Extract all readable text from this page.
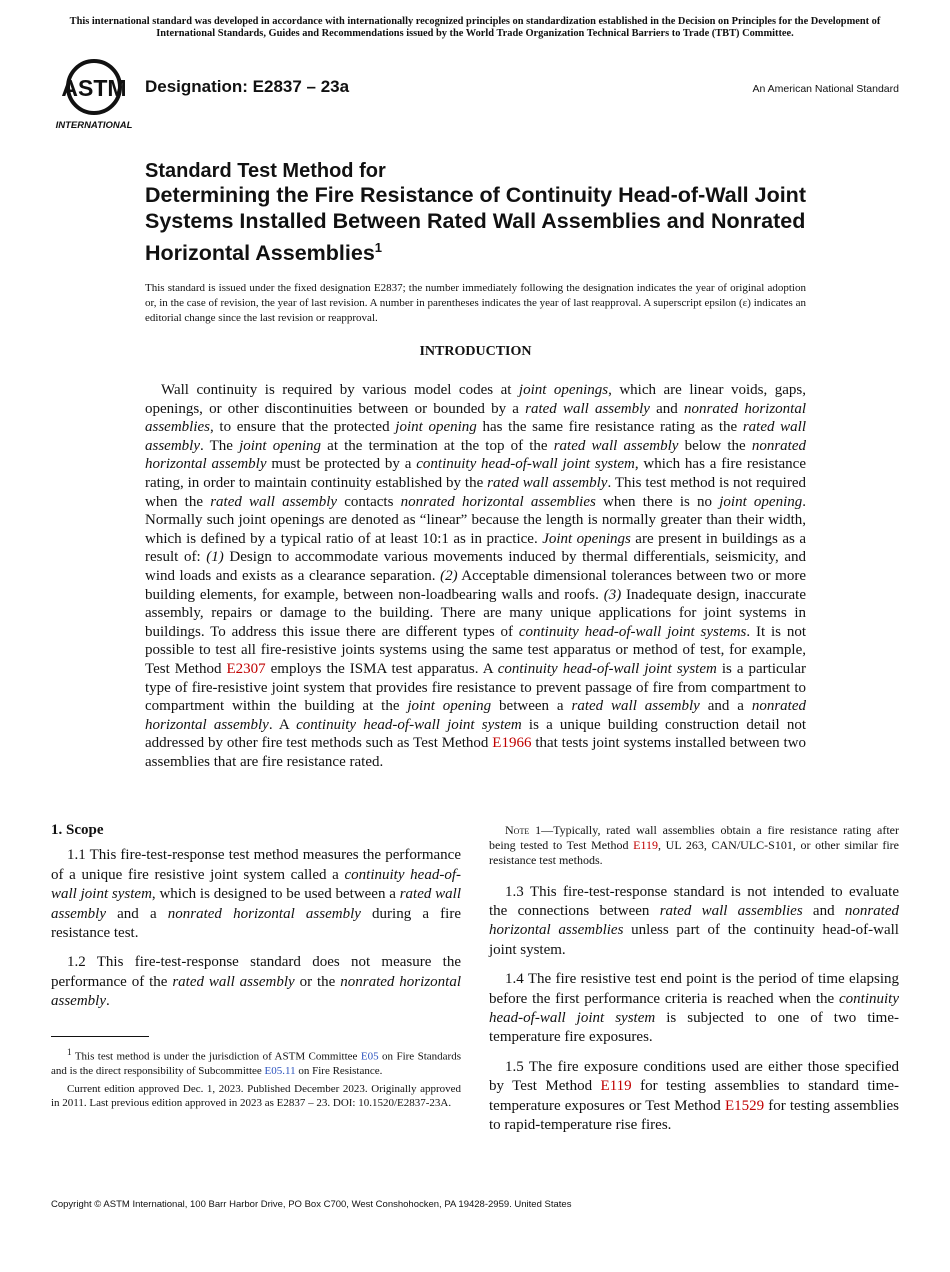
This international standard was developed in accordance with internationally recognized principles on standardization established in the Decision on Principles for the Development of International Standards, Guides and Recommendations issued by the World Trade Organization Technical Barriers to Trade (TBT) Committee.
ASTM
INTERNATIONAL
Designation: E2837 – 23a	An American National Standard
Standard Test Method for
Determining the Fire Resistance of Continuity Head-of-Wall Joint Systems Installed Between Rated Wall Assemblies and Nonrated Horizontal Assemblies$^1$
This standard is issued under the fixed designation E2837; the number immediately following the designation indicates the year of original adoption or, in the case of revision, the year of last revision. A number in parentheses indicates the year of last reapproval. A superscript epsilon (ε) indicates an editorial change since the last revision or reapproval.
INTRODUCTION
Wall continuity is required by various model codes at joint openings, which are linear voids, gaps, openings, or other discontinuities between or bounded by a rated wall assembly and nonrated horizontal assemblies, to ensure that the protected joint opening has the same fire resistance rating as the rated wall assembly. The joint opening at the termination at the top of the rated wall assembly below the nonrated horizontal assembly must be protected by a continuity head-of-wall joint system, which has a fire resistance rating, in order to maintain continuity established by the rated wall assembly. This test method is not required when the rated wall assembly contacts nonrated horizontal assemblies when there is no joint opening. Normally such joint openings are denoted as “linear” because the length is normally greater than their width, which is defined by a typical ratio of at least 10:1 as in practice. Joint openings are present in buildings as a result of: (1) Design to accommodate various movements induced by thermal differentials, seismicity, and wind loads and exists as a clearance separation. (2) Acceptable dimensional tolerances between two or more building elements, for example, between non-loadbearing walls and roofs. (3) Inadequate design, inaccurate assembly, repairs or damage to the building. There are many unique applications for joint systems in buildings. To address this issue there are different types of continuity head-of-wall joint systems. It is not possible to test all fire-resistive joints systems using the same test apparatus or method of test, for example, Test Method E2307 employs the ISMA test apparatus. A continuity head-of-wall joint system is a particular type of fire-resistive joint system that provides fire resistance to prevent passage of fire from compartment to compartment within the building at the joint opening between a rated wall assembly and a nonrated horizontal assembly. A continuity head-of-wall joint system is a unique building construction detail not addressed by other fire test methods such as Test Method E1966 that tests joint systems installed between two assemblies that are fire resistance rated.
1. Scope

1.1 This fire-test-response test method measures the performance of a unique fire resistive joint system called a continuity head-of-wall joint system, which is designed to be used between a rated wall assembly and a nonrated horizontal assembly during a fire resistance test.

1.2 This fire-test-response standard does not measure the performance of the rated wall assembly or the nonrated horizontal assembly.

Note 1—Typically, rated wall assemblies obtain a fire resistance rating after being tested to Test Method E119, UL 263, CAN/ULC-S101, or other similar fire resistance test methods.

1.3 This fire-test-response standard is not intended to evaluate the connections between rated wall assemblies and nonrated horizontal assemblies unless part of the continuity head-of-wall joint system.

1.4 The fire resistive test end point is the period of time elapsing before the first performance criteria is reached when the continuity head-of-wall joint system is subjected to one of two time-temperature fire exposures.

1.5 The fire exposure conditions used are either those specified by Test Method E119 for testing assemblies to standard time-temperature exposures or Test Method E1529 for testing assemblies to rapid-temperature rise fires.

$^1$ This test method is under the jurisdiction of ASTM Committee E05 on Fire Standards and is the direct responsibility of Subcommittee E05.11 on Fire Resistance.

Current edition approved Dec. 1, 2023. Published December 2023. Originally approved in 2011. Last previous edition approved in 2023 as E2837 – 23. DOI: 10.1520/E2837-23A.

Copyright © ASTM International, 100 Barr Harbor Drive, PO Box C700, West Conshohocken, PA 19428-2959. United States
